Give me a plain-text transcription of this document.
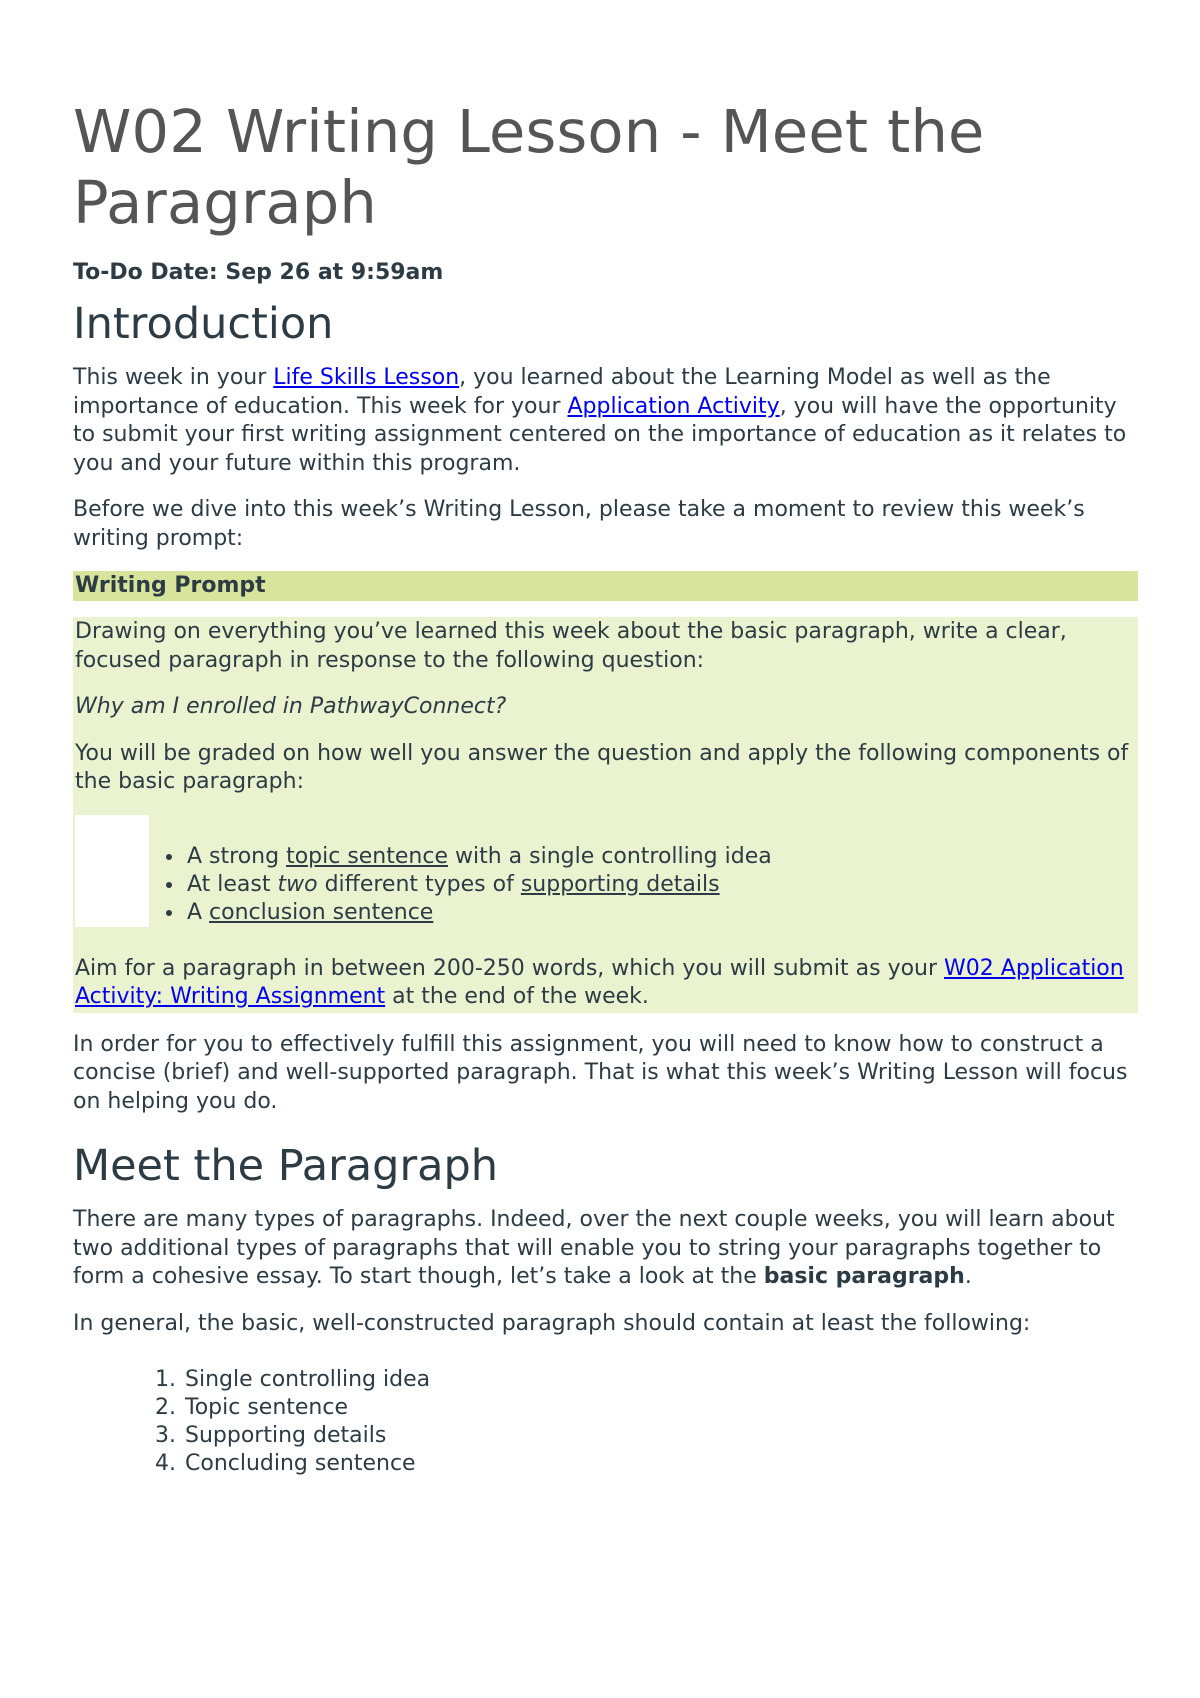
W02 Writing Lesson - Meet the Paragraph
To-Do Date: Sep 26 at 9:59am
Introduction

This week in your Life Skills Lesson, you learned about the Learning Model as well as the importance of education. This week for your Application Activity, you will have the opportunity to submit your first writing assignment centered on the importance of education as it relates to you and your future within this program.

Before we dive into this week’s Writing Lesson, please take a moment to review this week’s writing prompt:

Writing Prompt

Drawing on everything you’ve learned this week about the basic paragraph, write a clear, focused paragraph in response to the following question:

Why am I enrolled in PathwayConnect?

You will be graded on how well you answer the question and apply the following components of the basic paragraph:

• A strong topic sentence with a single controlling idea
• At least two different types of supporting details
• A conclusion sentence

Aim for a paragraph in between 200-250 words, which you will submit as your W02 Application Activity: Writing Assignment at the end of the week.

In order for you to effectively fulfill this assignment, you will need to know how to construct a concise (brief) and well-supported paragraph. That is what this week’s Writing Lesson will focus on helping you do.

Meet the Paragraph

There are many types of paragraphs. Indeed, over the next couple weeks, you will learn about two additional types of paragraphs that will enable you to string your paragraphs together to form a cohesive essay. To start though, let’s take a look at the basic paragraph.

In general, the basic, well-constructed paragraph should contain at least the following:

1. Single controlling idea
2. Topic sentence
3. Supporting details
4. Concluding sentence
